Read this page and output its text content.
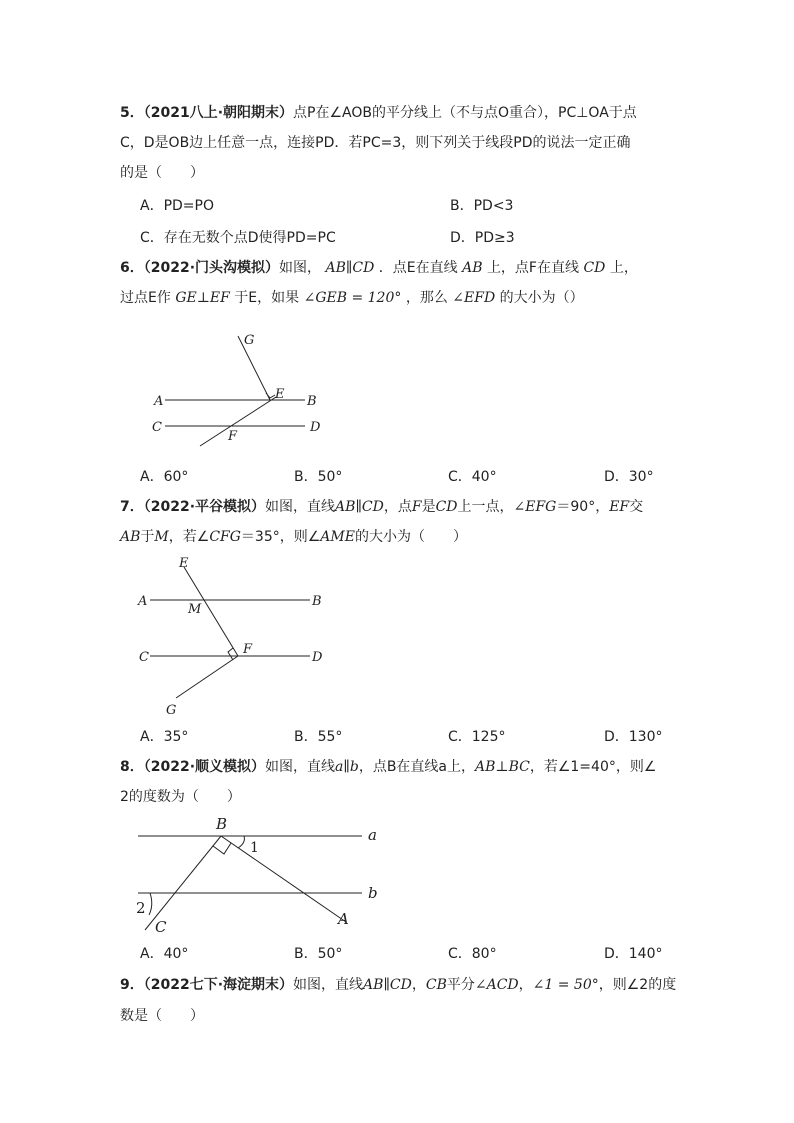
5．（2021八上·朝阳期末）点P在∠AOB的平分线上（不与点O重合），PC⊥OA于点
C，D是OB边上任意一点，连接PD．若PC=3，则下列关于线段PD的说法一定正确
的是（　　）
A．PD=PO	B．PD<3
C．存在无数个点D使得PD=PC	D．PD≥3
6．（2022·门头沟模拟）如图， AB∥CD ．点E在直线 AB 上，点F在直线 CD 上，
过点E作 GE⊥EF 于E，如果 ∠GEB = 120° ，那么 ∠EFD 的大小为（）
G
E
A	B
C	D
F
A．60°	B．50°	C．40°	D．30°
7．（2022·平谷模拟）如图，直线AB∥CD，点F是CD上一点，∠EFG＝90°，EF交
AB于M，若∠CFG＝35°，则∠AME的大小为（　　）
E
A
M
B
C
F
D
G
A．35°	B．55°	C．125°	D．130°
8．（2022·顺义模拟）如图，直线a∥b，点B在直线a上，AB⊥BC，若∠1=40°，则∠
2的度数为（　　）
B
a
1
b
2
C	A
A．40°	B．50°	C．80°	D．140°
9．（2022七下·海淀期末）如图，直线AB∥CD，CB平分∠ACD，∠1 = 50°，则∠2的度
数是（　　）
